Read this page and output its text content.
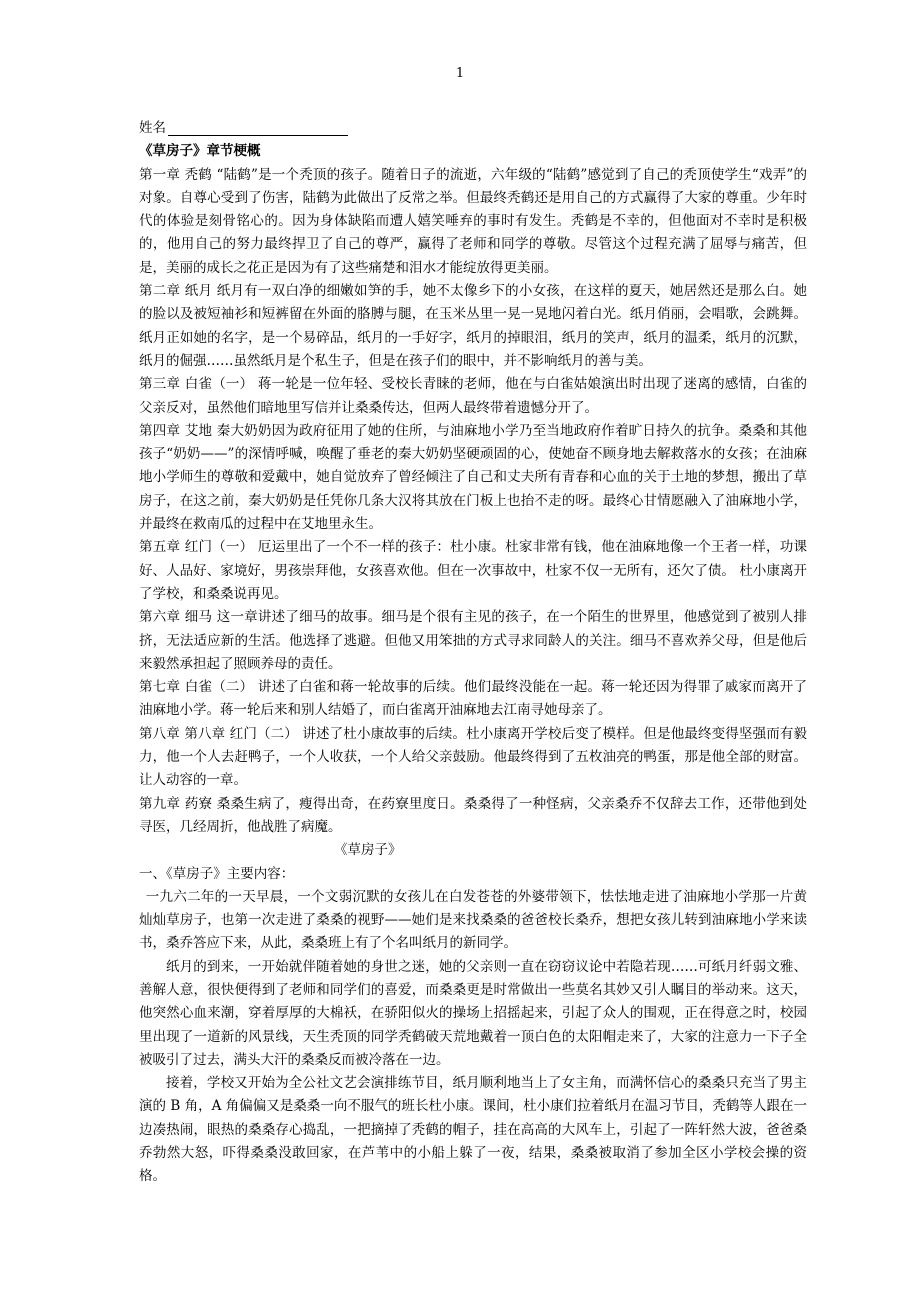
1
姓名

《草房子》章节梗概

第一章 秃鹤 “陆鹤”是一个秃顶的孩子。随着日子的流逝，六年级的“陆鹤”感觉到了自己的秃顶使学生“戏弄”的对象。自尊心受到了伤害，陆鹤为此做出了反常之举。但最终秃鹤还是用自己的方式赢得了大家的尊重。少年时代的体验是刻骨铭心的。因为身体缺陷而遭人嬉笑唾弃的事时有发生。秃鹤是不幸的，但他面对不幸时是积极的，他用自己的努力最终捍卫了自己的尊严，赢得了老师和同学的尊敬。尽管这个过程充满了屈辱与痛苦，但是，美丽的成长之花正是因为有了这些痛楚和泪水才能绽放得更美丽。

第二章 纸月 纸月有一双白净的细嫩如笋的手，她不太像乡下的小女孩，在这样的夏天，她居然还是那么白。她的脸以及被短袖衫和短裤留在外面的胳膊与腿，在玉米丛里一晃一晃地闪着白光。纸月俏丽，会唱歌，会跳舞。纸月正如她的名字，是一个易碎品，纸月的一手好字，纸月的掉眼泪，纸月的笑声，纸月的温柔，纸月的沉默，纸月的倔强……虽然纸月是个私生子，但是在孩子们的眼中，并不影响纸月的善与美。

第三章 白雀（一） 蒋一轮是一位年轻、受校长青睐的老师，他在与白雀姑娘演出时出现了迷离的感情，白雀的父亲反对，虽然他们暗地里写信并让桑桑传达，但两人最终带着遗憾分开了。

第四章 艾地 秦大奶奶因为政府征用了她的住所，与油麻地小学乃至当地政府作着旷日持久的抗争。桑桑和其他孩子“奶奶——”的深情呼喊，唤醒了垂老的秦大奶奶坚硬顽固的心，使她奋不顾身地去解救落水的女孩；在油麻地小学师生的尊敬和爱戴中，她自觉放弃了曾经倾注了自己和丈夫所有青春和心血的关于土地的梦想，搬出了草房子，在这之前，秦大奶奶是任凭你几条大汉将其放在门板上也抬不走的呀。最终心甘情愿融入了油麻地小学，并最终在救南瓜的过程中在艾地里永生。

第五章 红门（一） 厄运里出了一个不一样的孩子：杜小康。杜家非常有钱，他在油麻地像一个王者一样，功课好、人品好、家境好，男孩崇拜他，女孩喜欢他。但在一次事故中，杜家不仅一无所有，还欠了债。 杜小康离开了学校，和桑桑说再见。

第六章 细马 这一章讲述了细马的故事。细马是个很有主见的孩子，在一个陌生的世界里，他感觉到了被别人排挤，无法适应新的生活。他选择了逃避。但他又用笨拙的方式寻求同龄人的关注。细马不喜欢养父母，但是他后来毅然承担起了照顾养母的责任。

第七章 白雀（二） 讲述了白雀和蒋一轮故事的后续。他们最终没能在一起。蒋一轮还因为得罪了戚家而离开了油麻地小学。蒋一轮后来和别人结婚了，而白雀离开油麻地去江南寻她母亲了。

第八章 第八章 红门（二） 讲述了杜小康故事的后续。杜小康离开学校后变了模样。但是他最终变得坚强而有毅力，他一个人去赶鸭子，一个人收获，一个人给父亲鼓励。他最终得到了五枚油亮的鸭蛋，那是他全部的财富。让人动容的一章。

第九章 药寮 桑桑生病了，瘦得出奇，在药寮里度日。桑桑得了一种怪病，父亲桑乔不仅辞去工作，还带他到处寻医，几经周折，他战胜了病魔。

《草房子》

一、《草房子》主要内容：

一九六二年的一天早晨，一个文弱沉默的女孩儿在白发苍苍的外婆带领下，怯怯地走进了油麻地小学那一片黄灿灿草房子，也第一次走进了桑桑的视野——她们是来找桑桑的爸爸校长桑乔，想把女孩儿转到油麻地小学来读书，桑乔答应下来，从此，桑桑班上有了个名叫纸月的新同学。

纸月的到来，一开始就伴随着她的身世之迷，她的父亲则一直在窃窃议论中若隐若现……可纸月纤弱文雅、善解人意，很快便得到了老师和同学们的喜爱，而桑桑更是时常做出一些莫名其妙又引人瞩目的举动来。这天，他突然心血来潮，穿着厚厚的大棉袄，在骄阳似火的操场上招摇起来，引起了众人的围观，正在得意之时，校园里出现了一道新的风景线，天生秃顶的同学秃鹤破天荒地戴着一顶白色的太阳帽走来了，大家的注意力一下子全被吸引了过去，满头大汗的桑桑反而被冷落在一边。

接着，学校又开始为全公社文艺会演排练节目，纸月顺利地当上了女主角，而满怀信心的桑桑只充当了男主演的 B 角，A 角偏偏又是桑桑一向不服气的班长杜小康。课间，杜小康们拉着纸月在温习节目，秃鹤等人跟在一边凑热闹，眼热的桑桑存心捣乱，一把摘掉了秃鹤的帽子，挂在高高的大风车上，引起了一阵轩然大波，爸爸桑乔勃然大怒，吓得桑桑没敢回家，在芦苇中的小船上躲了一夜，结果，桑桑被取消了参加全区小学校会操的资格。
